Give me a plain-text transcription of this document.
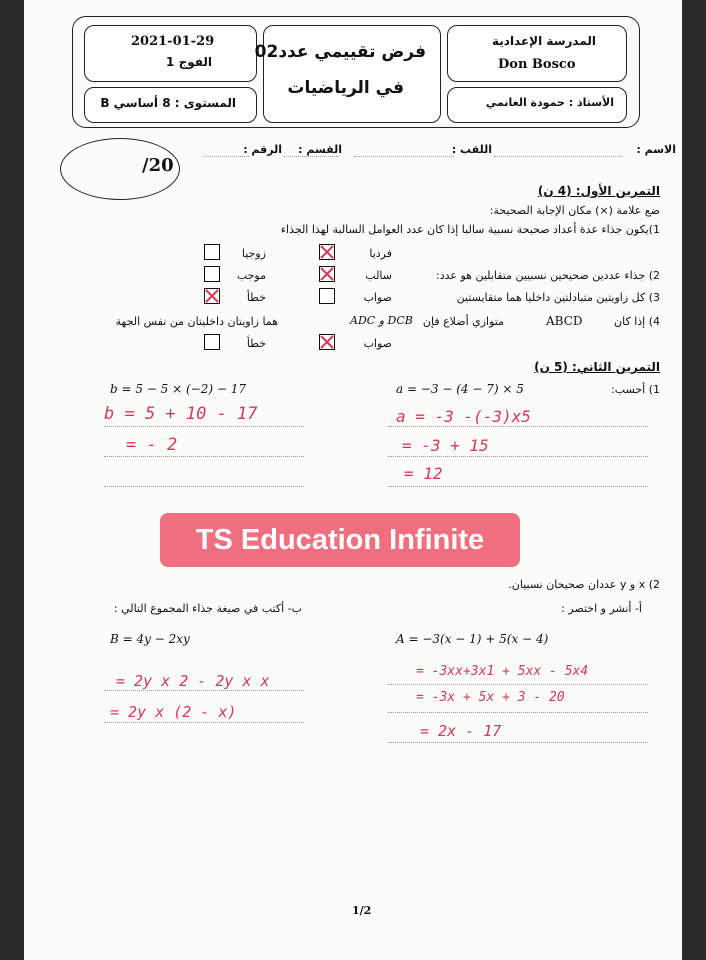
2021-01-29
الفوج 1
المستوى : 8 أساسي B
فرض تقييمي عدد02
في الرياضيات
المدرسة الإعدادية
Don Bosco
الأستاذ : حمودة الغانمي
الاسم :
اللقب :
القسم :
الرقم :
/20
التمرين الأول: (4 ن)
ضع علامة (×) مكان الإجابة الصحيحة:
1)يكون جذاء عدة أعداد صحيحة نسبية سالبا إذا كان عدد العوامل السالبة لهذا الجذاء
فرديا
زوجيا
2) جذاء عددين صحيحين نسبيين متقابلين هو عدد:
سالب
موجب
3) كل زاويتين متبادلتين داخليا هما متقايستين
صواب
خطأ
4) إذا كان
ABCD
متوازي أضلاع فإن
ADC و DCB
هما زاويتان داخليتان من نفس الجهة
صواب
خطأ
التمرين الثاني: (5 ن)
1) أحسب:
a = −3 − (4 − 7) × 5
b = 5 − 5 × (−2) − 17
a = -3 -(-3)x5
= -3 + 15
= 12
b = 5 + 10 - 17
= - 2
TS Education Infinite
2) x و y عددان صحيحان نسبيان.
أ- أنشر و اختصر :
ب- أكتب في صيغة جذاء المجموع التالي :
A = −3(x − 1) + 5(x − 4)
B = 4y − 2xy
= -3xx+3x1 + 5xx - 5x4
= -3x + 5x + 3 - 20
= 2x - 17
= 2y x 2 - 2y x x
= 2y x (2 - x)
1/2
